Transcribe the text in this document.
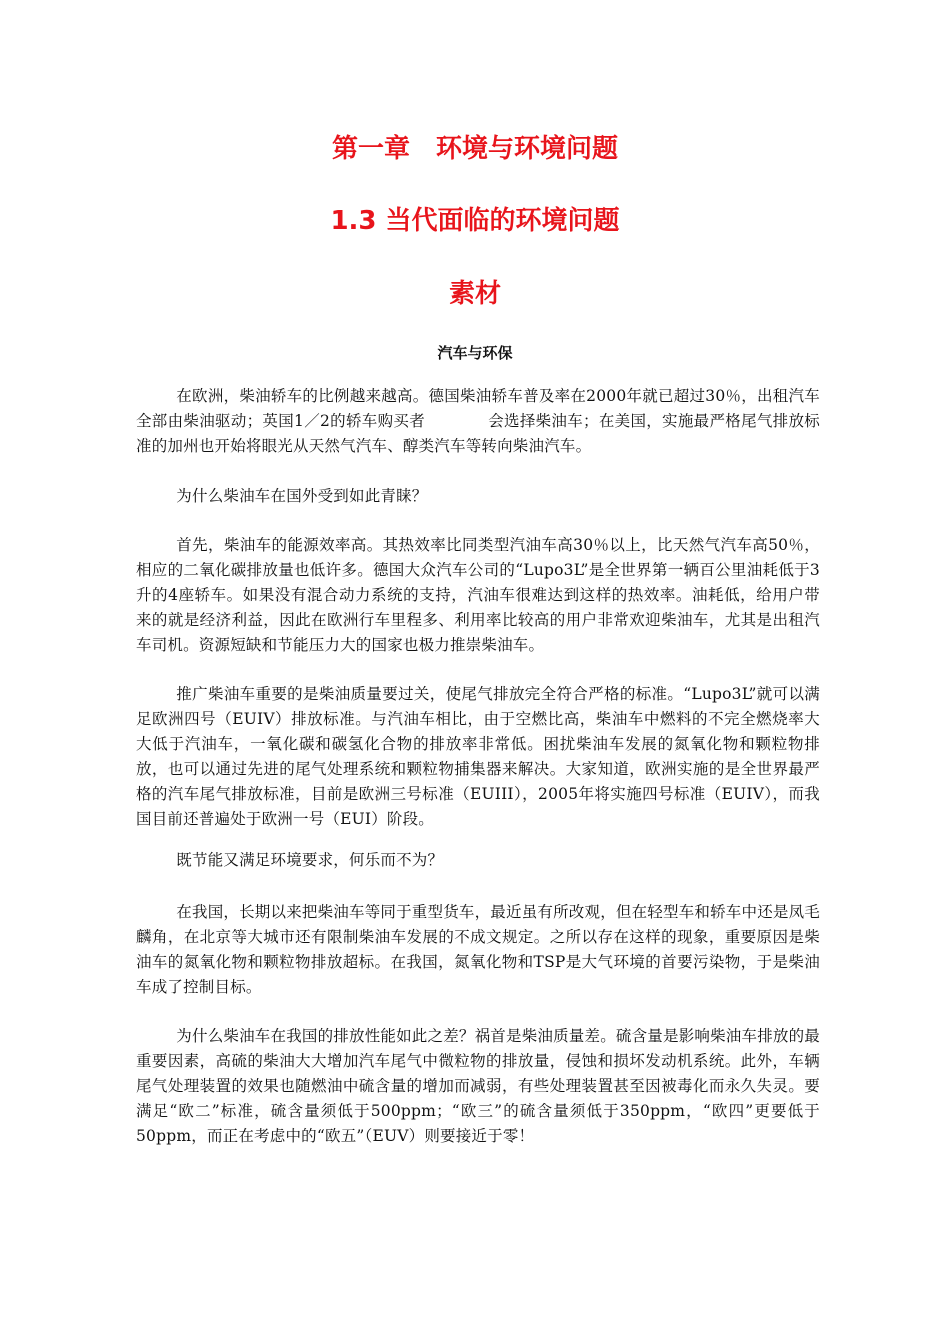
第一章　环境与环境问题
1.3 当代面临的环境问题
素材
汽车与环保

在欧洲，柴油轿车的比例越来越高。德国柴油轿车普及率在2000年就已超过30％，出租汽车全部由柴油驱动；英国1／2的轿车购买者　　　　会选择柴油车；在美国，实施最严格尾气排放标准的加州也开始将眼光从天然气汽车、醇类汽车等转向柴油汽车。

为什么柴油车在国外受到如此青睐？

首先，柴油车的能源效率高。其热效率比同类型汽油车高30％以上，比天然气汽车高50％，相应的二氧化碳排放量也低许多。德国大众汽车公司的“Lupo3L”是全世界第一辆百公里油耗低于3升的4座轿车。如果没有混合动力系统的支持，汽油车很难达到这样的热效率。油耗低，给用户带来的就是经济利益，因此在欧洲行车里程多、利用率比较高的用户非常欢迎柴油车，尤其是出租汽车司机。资源短缺和节能压力大的国家也极力推崇柴油车。

推广柴油车重要的是柴油质量要过关，使尾气排放完全符合严格的标准。“Lupo3L”就可以满足欧洲四号（EUIV）排放标准。与汽油车相比，由于空燃比高，柴油车中燃料的不完全燃烧率大大低于汽油车，一氧化碳和碳氢化合物的排放率非常低。困扰柴油车发展的氮氧化物和颗粒物排放，也可以通过先进的尾气处理系统和颗粒物捕集器来解决。大家知道，欧洲实施的是全世界最严格的汽车尾气排放标准，目前是欧洲三号标准（EUIII），2005年将实施四号标准（EUIV），而我国目前还普遍处于欧洲一号（EUI）阶段。

既节能又满足环境要求，何乐而不为？

在我国，长期以来把柴油车等同于重型货车，最近虽有所改观，但在轻型车和轿车中还是凤毛麟角，在北京等大城市还有限制柴油车发展的不成文规定。之所以存在这样的现象，重要原因是柴油车的氮氧化物和颗粒物排放超标。在我国，氮氧化物和TSP是大气环境的首要污染物，于是柴油车成了控制目标。

为什么柴油车在我国的排放性能如此之差？祸首是柴油质量差。硫含量是影响柴油车排放的最重要因素，高硫的柴油大大增加汽车尾气中微粒物的排放量，侵蚀和损坏发动机系统。此外，车辆尾气处理装置的效果也随燃油中硫含量的增加而减弱，有些处理装置甚至因被毒化而永久失灵。要满足“欧二”标准，硫含量须低于500ppm；“欧三”的硫含量须低于350ppm，“欧四”更要低于50ppm，而正在考虑中的“欧五”（EUV）则要接近于零！
